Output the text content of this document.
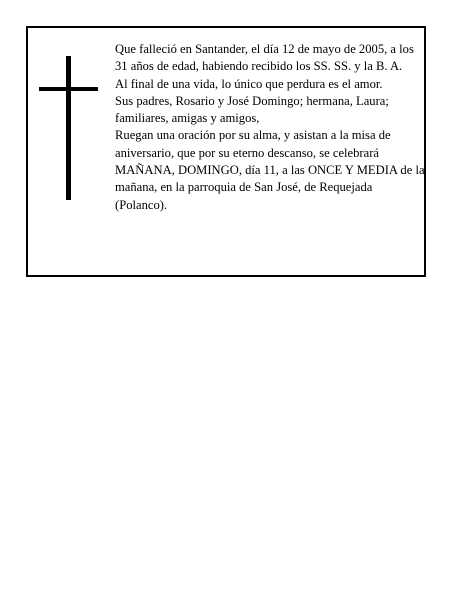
Que falleció en Santander, el día 12 de mayo de 2005, a los 31 años de edad, habiendo recibido los SS. SS. y la B. A.

Al final de una vida, lo único que perdura es el amor.

Sus padres, Rosario y José Domingo; hermana, Laura; familiares, amigas y amigos,

Ruegan una oración por su alma, y asistan a la misa de aniversario, que por su eterno descanso, se celebrará MAÑANA, DOMINGO, día 11, a las ONCE Y MEDIA de la mañana, en la parroquia de San José, de Requejada (Polanco).
